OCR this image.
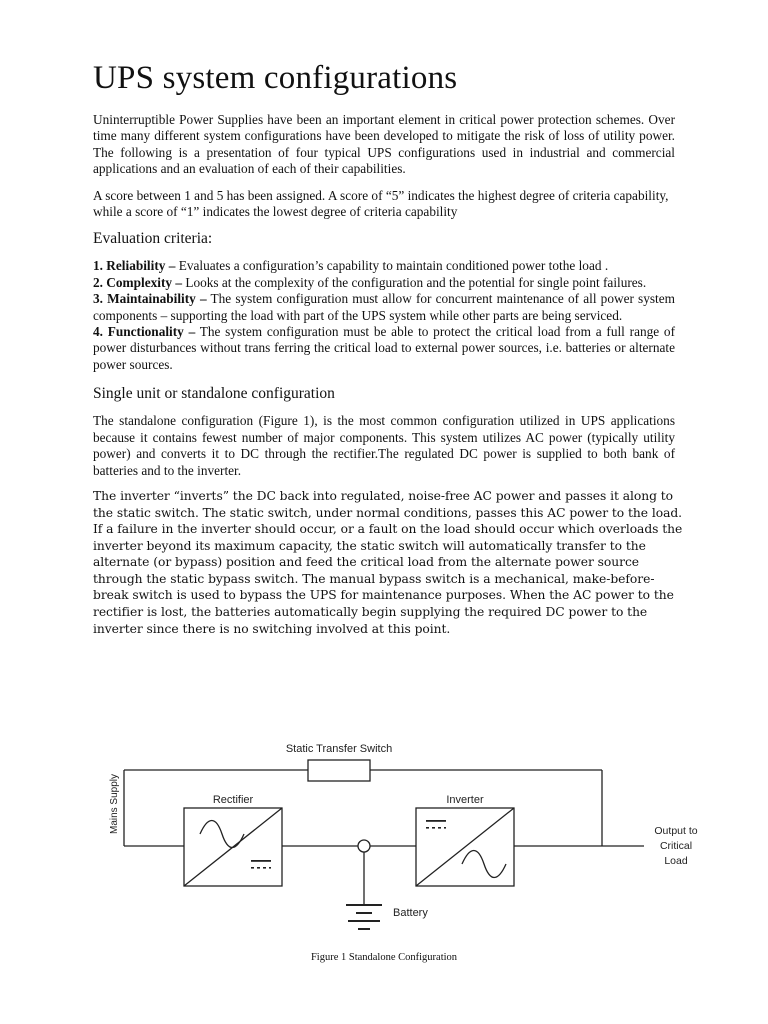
UPS system configurations

Uninterruptible Power Supplies have been an important element in critical power protection schemes. Over time many different system configurations have been developed to mitigate the risk of loss of utility power. The following is a presentation of four typical UPS configurations used in industrial and commercial applications and an evaluation of each of their capabilities.

A score between 1 and 5 has been assigned. A score of “5” indicates the highest degree of criteria capability, while a score of “1” indicates the lowest degree of criteria capability

Evaluation criteria:

1. Reliability – Evaluates a configuration’s capability to maintain conditioned power tothe load .

2. Complexity – Looks at the complexity of the configuration and the potential for single point failures.

3. Maintainability – The system configuration must allow for concurrent maintenance of all power system components – supporting the load with part of the UPS system while other parts are being serviced.

4. Functionality – The system configuration must be able to protect the critical load from a full range of power disturbances without trans ferring the critical load to external power sources, i.e. batteries or alternate power sources.

Single unit or standalone configuration

The standalone configuration (Figure 1), is the most common configuration utilized in UPS applications because it contains fewest number of major components. This system utilizes AC power (typically utility power) and converts it to DC through the rectifier.The regulated DC power is supplied to both bank of batteries and to the inverter.

The inverter “inverts” the DC back into regulated, noise-free AC power and passes it along to the static switch. The static switch, under normal conditions, passes this AC power to the load. If a failure in the inverter should occur, or a fault on the load should occur which overloads the inverter beyond its maximum capacity, the static switch will automatically transfer to the alternate (or bypass) position and feed the critical load from the alternate power source through the static bypass switch. The manual bypass switch is a mechanical, make-before-break switch is used to bypass the UPS for maintenance purposes. When the AC power to the rectifier is lost, the batteries automatically begin supplying the required DC power to the inverter since there is no switching involved at this point.

Static Transfer Switch
Mains Supply	Rectifier	Inverter
Output to
Critical
Load
Battery
Figure 1 Standalone Configuration
